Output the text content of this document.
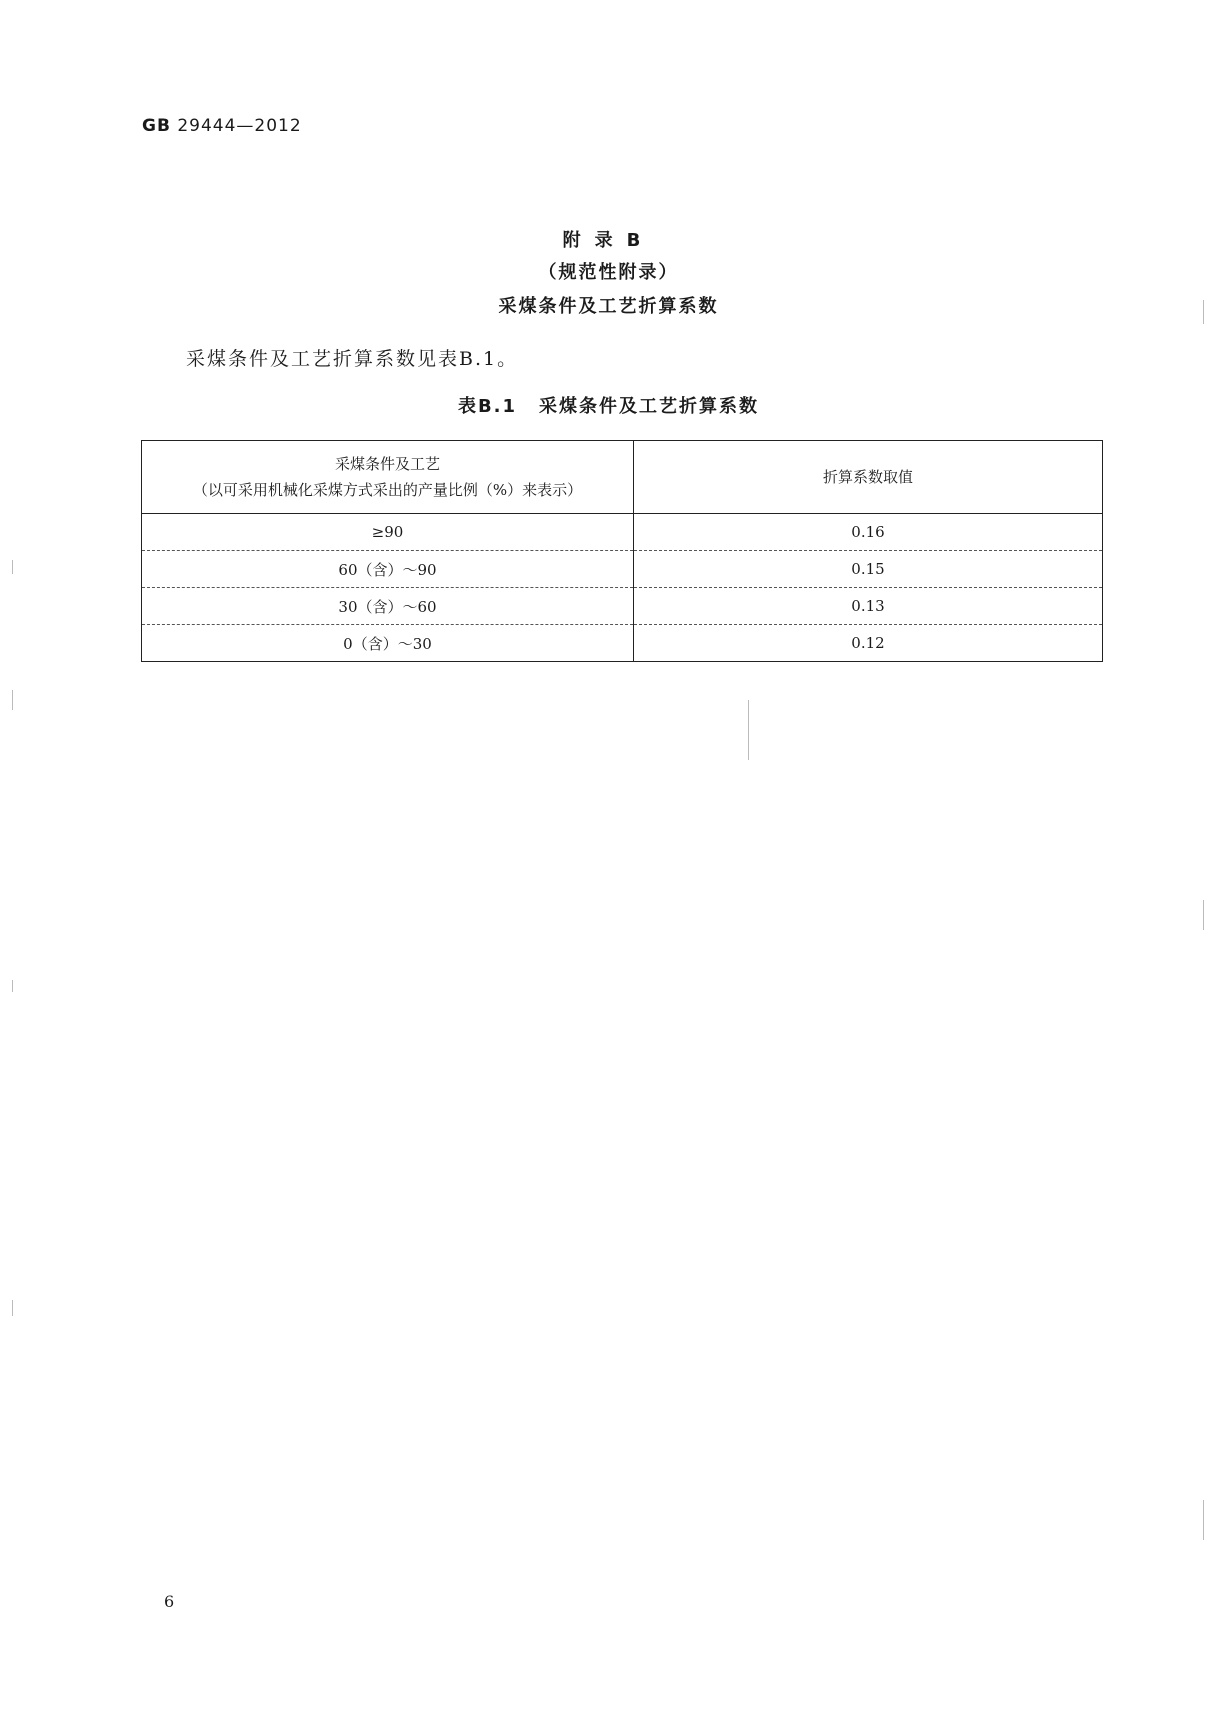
GB 29444—2012
附录B
（规范性附录）
采煤条件及工艺折算系数
采煤条件及工艺折算系数见表B.1。
表B.1 采煤条件及工艺折算系数
采煤条件及工艺
（以可采用机械化采煤方式采出的产量比例（%）来表示）	折算系数取值
≥90	0.16
60（含）～90	0.15
30（含）～60	0.13
0（含）～30	0.12
6
